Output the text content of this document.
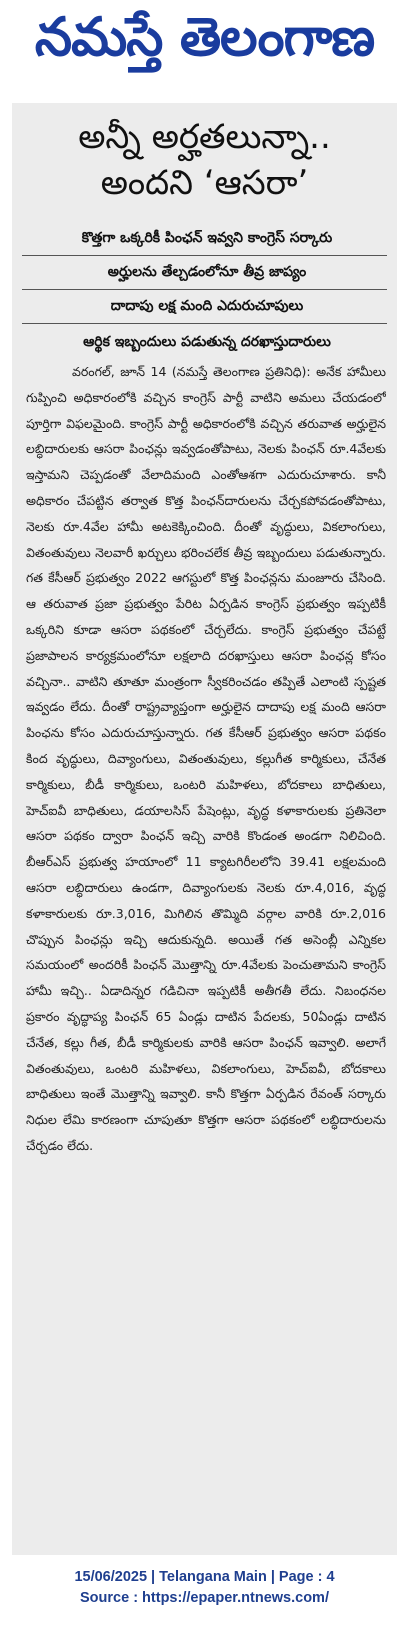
నమస్తే తెలంగాణ
అన్నీ అర్హతలున్నా..
అందని ‘ఆసరా’
కొత్తగా ఒక్కరికీ పింఛన్ ఇవ్వని కాంగ్రెస్ సర్కారు
అర్హులను తేల్చడంలోనూ తీవ్ర జాప్యం
దాదాపు లక్ష మంది ఎదురుచూపులు
ఆర్థిక ఇబ్బందులు పడుతున్న దరఖాస్తుదారులు
వరంగల్, జూన్ 14 (నమస్తే తెలంగాణ ప్రతినిధి): అనేక హామీలు గుప్పించి అధికారంలోకి వచ్చిన కాంగ్రెస్ పార్టీ వాటిని అమలు చేయడంలో పూర్తిగా విఫలమైంది. కాంగ్రెస్ పార్టీ అధికారంలోకి వచ్చిన తరువాత అర్హులైన లబ్ధిదారులకు ఆసరా పింఛన్లు ఇవ్వడంతోపాటు, నెలకు పింఛన్ రూ.4వేలకు ఇస్తామని చెప్పడంతో వేలాదిమంది ఎంతోఆశగా ఎదురుచూశారు. కానీ అధికారం చేపట్టిన తర్వాత కొత్త పింఛన్‌దారులను చేర్చకపోవడంతోపాటు, నెలకు రూ.4వేల హామీ అటకెక్కించింది. దీంతో వృద్ధులు, వికలాంగులు, వితంతువులు నెలవారీ ఖర్చులు భరించలేక తీవ్ర ఇబ్బందులు పడుతున్నారు. గత కేసీఆర్ ప్రభుత్వం 2022 ఆగస్టులో కొత్త పింఛన్లను మంజూరు చేసింది. ఆ తరువాత ప్రజా ప్రభుత్వం పేరిట ఏర్పడిన కాంగ్రెస్ ప్రభుత్వం ఇప్పటికీ ఒక్కరిని కూడా ఆసరా పథకంలో చేర్చలేదు. కాంగ్రెస్ ప్రభుత్వం చేపట్టే ప్రజాపాలన కార్యక్రమంలోనూ లక్షలాది దరఖాస్తులు ఆసరా పింఛన్ల కోసం వచ్చినా.. వాటిని తూతూ మంత్రంగా స్వీకరించడం తప్పితే ఎలాంటి స్పష్టత ఇవ్వడం లేదు. దీంతో రాష్ట్రవ్యాప్తంగా అర్హులైన దాదాపు లక్ష మంది ఆసరా పింఛను కోసం ఎదురుచూస్తున్నారు. గత కేసీఆర్ ప్రభుత్వం ఆసరా పథకం కింద వృద్ధులు, దివ్యాంగులు, వితంతువులు, కల్లుగీత కార్మికులు, చేనేత కార్మికులు, బీడీ కార్మికులు, ఒంటరి మహిళలు, బోదకాలు బాధితులు, హెచ్ఐవీ బాధితులు, డయాలసిస్ పేషెంట్లు, వృద్ధ కళాకారులకు ప్రతినెలా ఆసరా పథకం ద్వారా పింఛన్ ఇచ్చి వారికి కొండంత అండగా నిలిచింది. బీఆర్ఎస్ ప్రభుత్వ హయాంలో 11 క్యాటగిరీలలోని 39.41 లక్షలమంది ఆసరా లబ్ధిదారులు ఉండగా, దివ్యాంగులకు నెలకు రూ.4,016, వృద్ధ కళాకారులకు రూ.3,016, మిగిలిన తొమ్మిది వర్గాల వారికి రూ.2,016 చొప్పున పింఛన్లు ఇచ్చి ఆదుకున్నది. అయితే గత అసెంబ్లీ ఎన్నికల సమయంలో అందరికీ పింఛన్ మొత్తాన్ని రూ.4వేలకు పెంచుతామని కాంగ్రెస్ హామీ ఇచ్చి.. ఏడాదిన్నర గడిచినా ఇప్పటికీ అతీగతీ లేదు. నిబంధనల ప్రకారం వృద్ధాప్య పింఛన్ 65 ఏండ్లు దాటిన పేదలకు, 50ఏండ్లు దాటిన చేనేత, కల్లు గీత, బీడీ కార్మికులకు వారికి ఆసరా పింఛన్ ఇవ్వాలి. అలాగే వితంతువులు, ఒంటరి మహిళలు, వికలాంగులు, హెచ్ఐవీ, బోదకాలు బాధితులు ఇంతే మొత్తాన్ని ఇవ్వాలి. కానీ కొత్తగా ఏర్పడిన రేవంత్ సర్కారు నిధుల లేమి కారణంగా చూపుతూ కొత్తగా ఆసరా పథకంలో లబ్ధిదారులను చేర్చడం లేదు.
15/06/2025 | Telangana Main | Page : 4
Source : https://epaper.ntnews.com/
